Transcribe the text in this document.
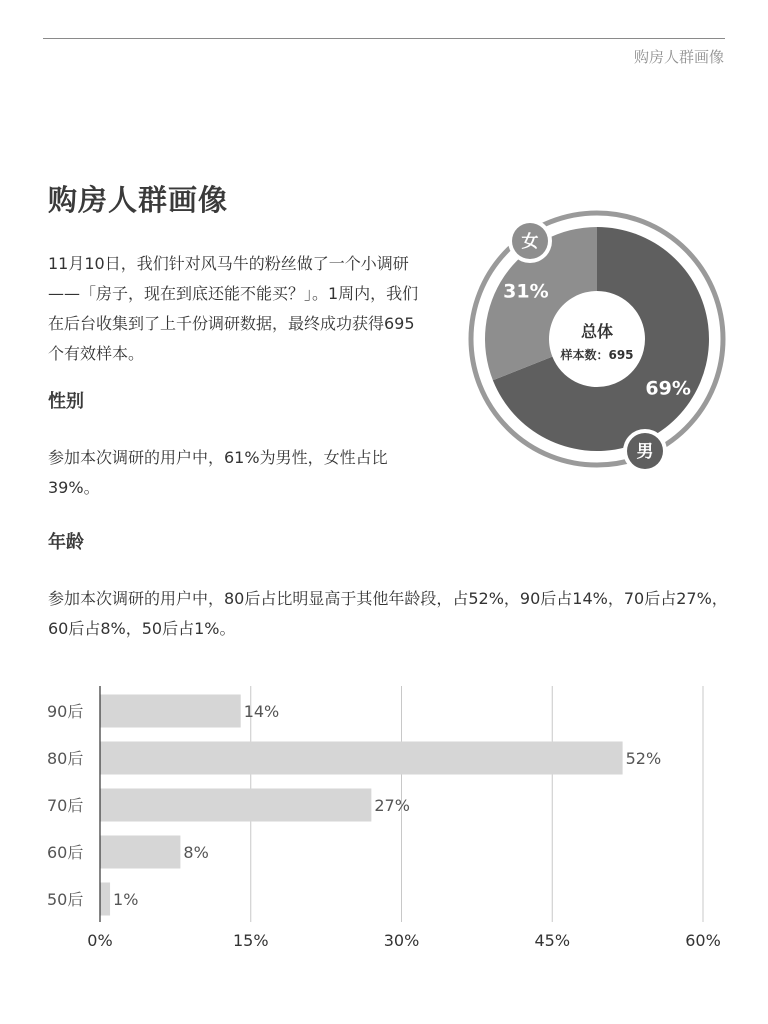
购房人群画像
购房人群画像

11月10日，我们针对风马牛的粉丝做了一个小调研——「房子，现在到底还能不能买？」。1周内，我们在后台收集到了上千份调研数据，最终成功获得695个有效样本。

性别

参加本次调研的用户中，61%为男性，女性占比39%。

年龄

参加本次调研的用户中，80后占比明显高于其他年龄段，占52%，90后占14%，70后占27%，60后占8%，50后占1%。

69%
31%
男
女
总体
样本数：695
0%	15%	30%	45%	60%
90后	14%
80后	52%
70后	27%
60后	8%
50后 1%
